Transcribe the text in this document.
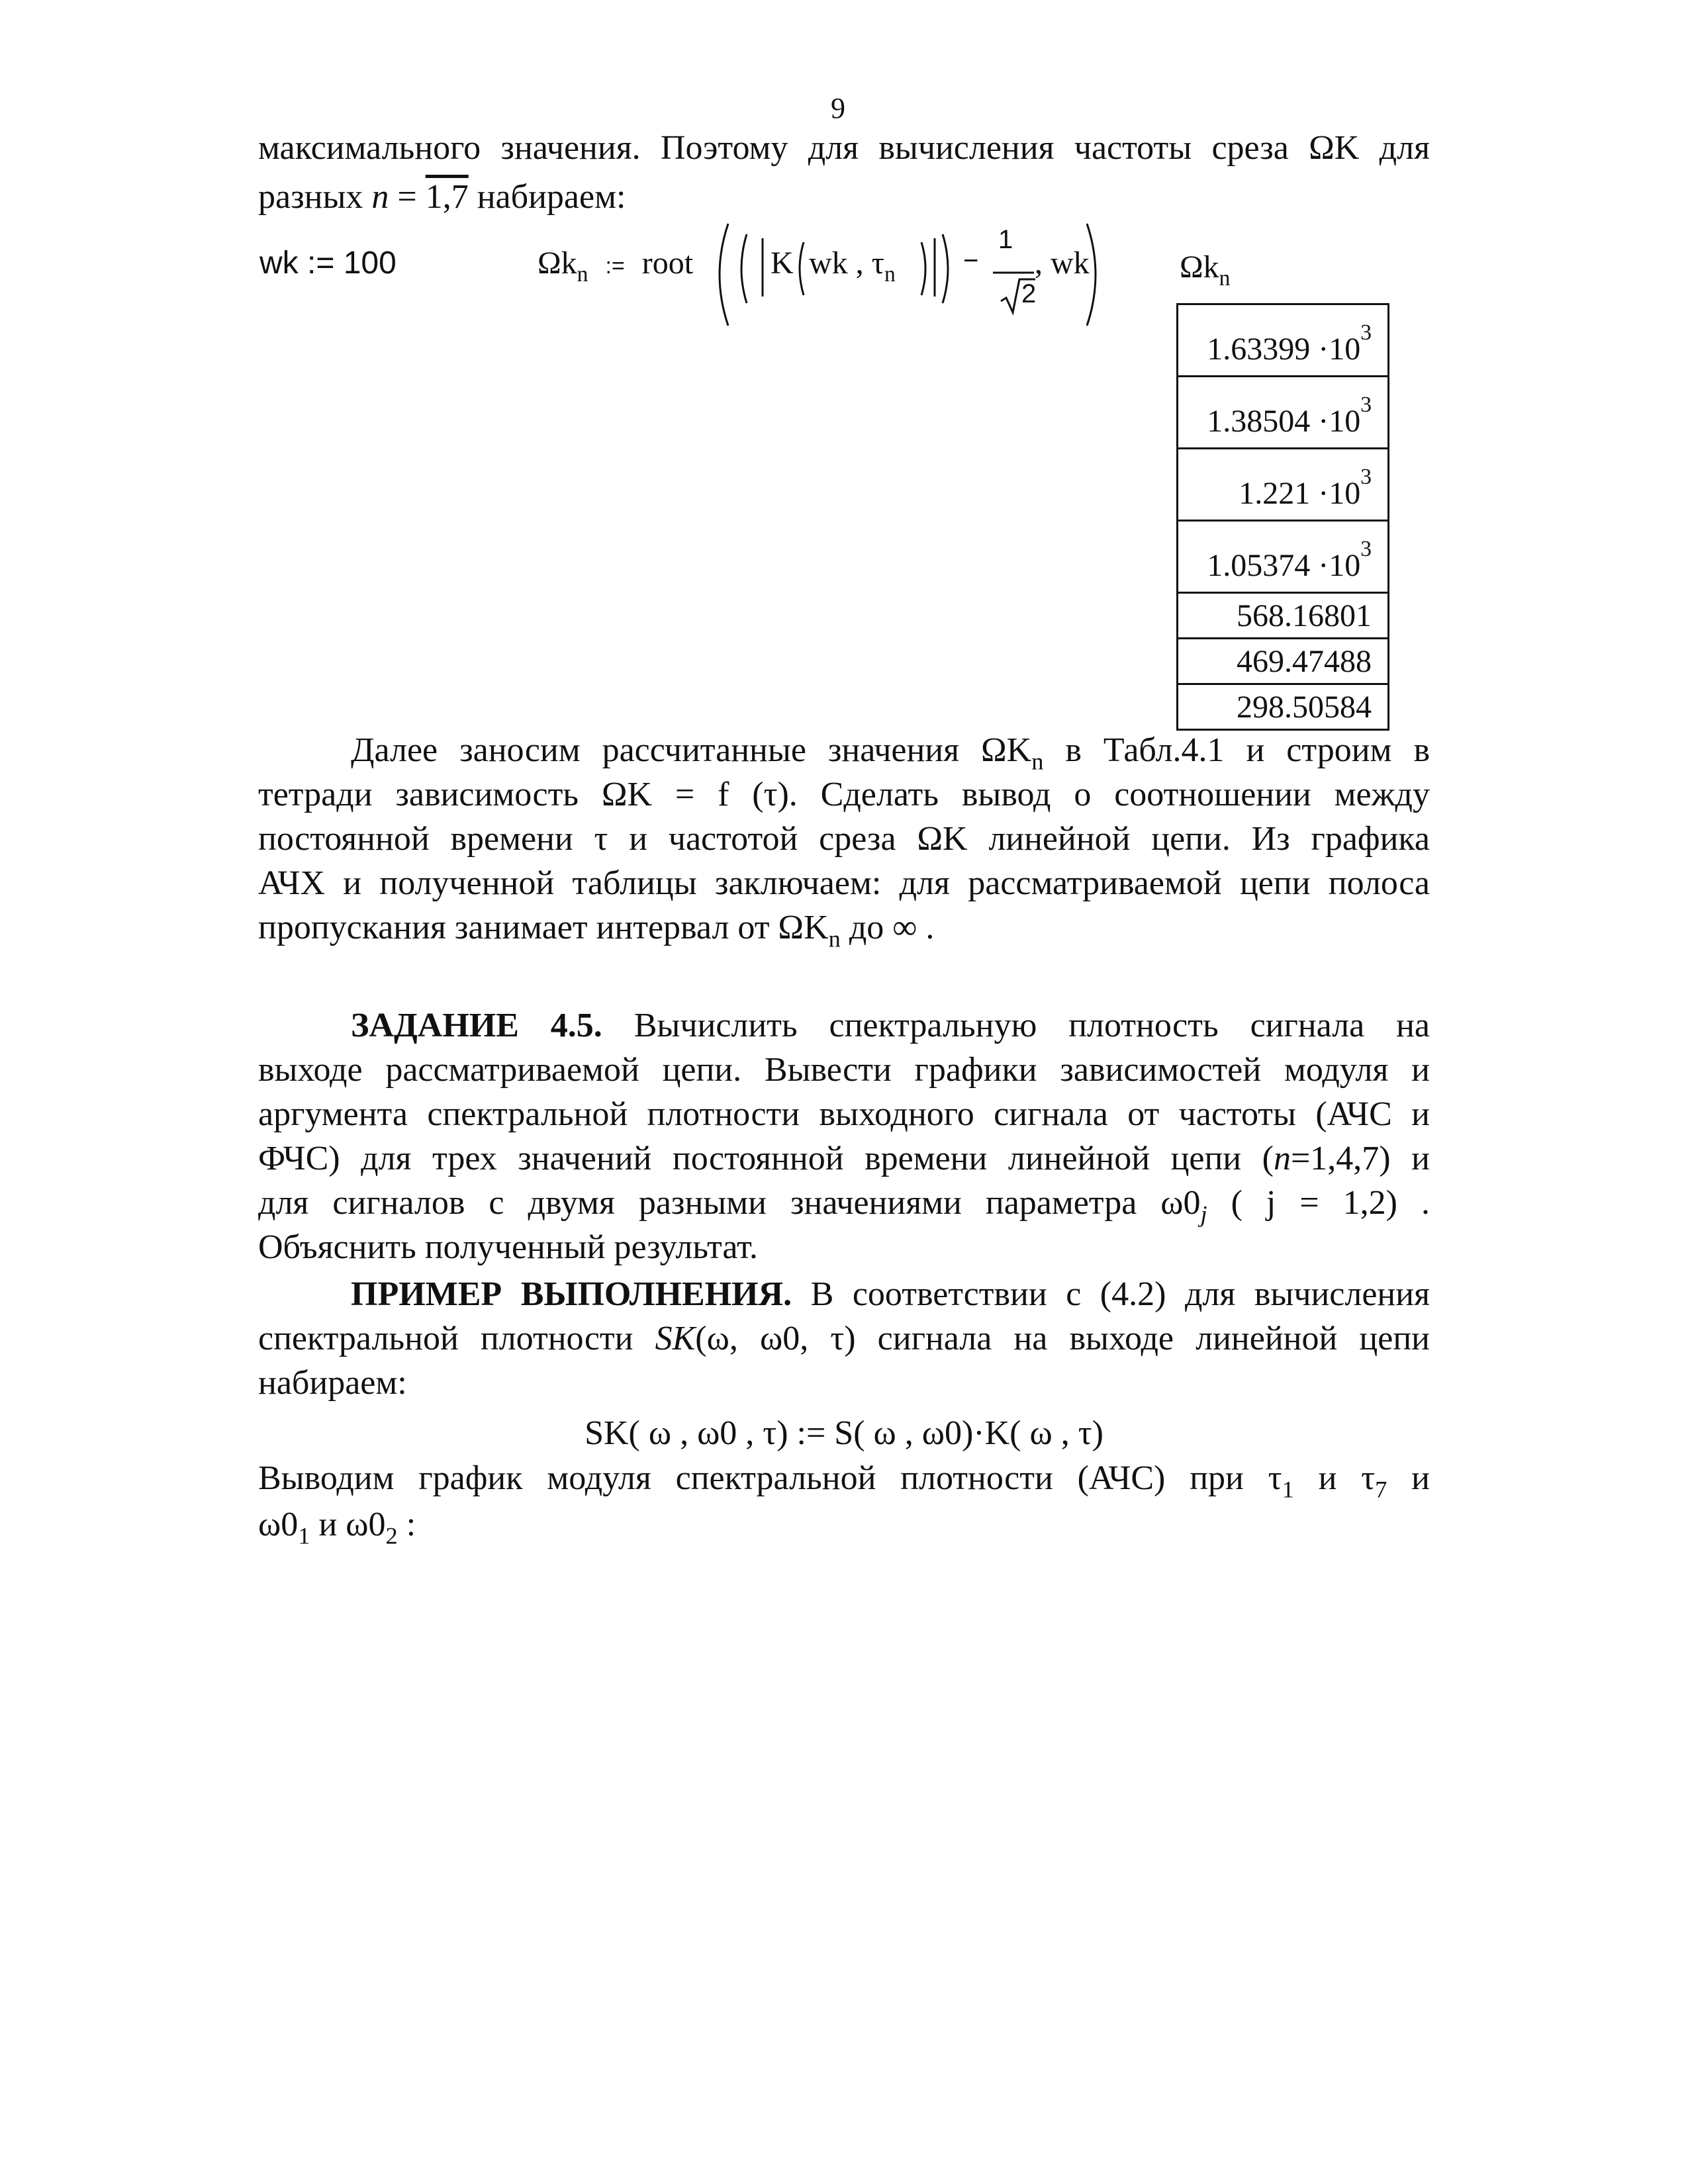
9
максимального значения. Поэтому для вычисления частоты среза ΩK для
разных n = 1,7 набираем:
wk := 100	$\Omega k_n$ := root K wk , $\tau_n$	−
1
2
, wk	$\Omega k_n$
$1.63399 \cdot 10^3$
$1.38504 \cdot 10^3$
$1.221 \cdot 10^3$
$1.05374 \cdot 10^3$
568.16801
469.47488
298.50584
Далее заносим рассчитанные значения $\Omega K_n$ в Табл.4.1 и строим в
тетради зависимость ΩK = f (τ). Сделать вывод о соотношении между
постоянной времени τ и частотой среза ΩK линейной цепи. Из графика
АЧХ и полученной таблицы заключаем: для рассматриваемой цепи полоса
пропускания занимает интервал от $\Omega K_n$ до ∞ .
ЗАДАНИЕ 4.5. Вычислить спектральную плотность сигнала на
выходе рассматриваемой цепи. Вывести графики зависимостей модуля и
аргумента спектральной плотности выходного сигнала от частоты (АЧС и
ФЧС) для трех значений постоянной времени линейной цепи (n=1,4,7) и
для сигналов с двумя разными значениями параметра $\omega 0_j$ ( j = 1,2) .
Объяснить полученный результат.
ПРИМЕР ВЫПОЛНЕНИЯ. В соответствии с (4.2) для вычисления
спектральной плотности SK(ω, ω0, τ) сигнала на выходе линейной цепи
набираем:
SK( ω , ω0 , τ) := S( ω , ω0)·K( ω , τ)
Выводим график модуля спектральной плотности (АЧС) при $\tau_1$ и $\tau_7$ и
$\omega 0_1$ и $\omega 0_2$ :
